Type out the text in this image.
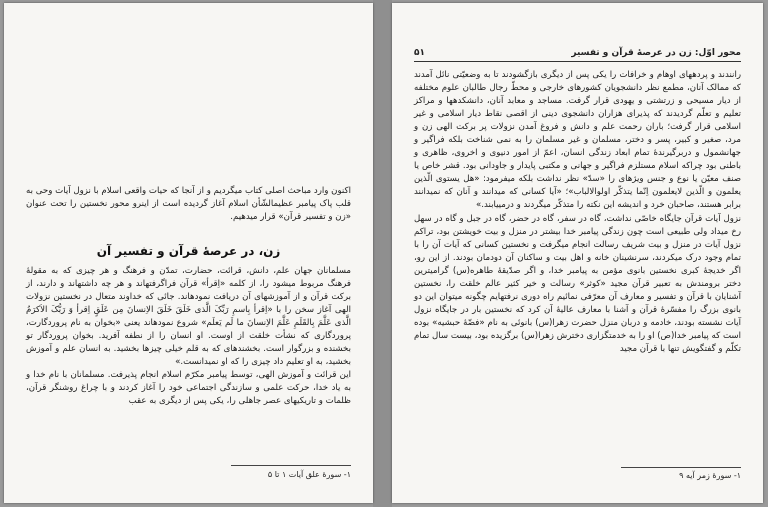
اکنون وارد مباحث اصلی کتاب میگردیم و از آنجا که حیات واقعی اسلام با نزول آیات وحی به قلب پاک پیامبر عظیمالشّأن اسلام آغاز گردیده است از اینرو محور نخستین را تحت عنوان «زن و تفسیر قرآن» قرار میدهیم.

زن، در عرصهٔ قرآن و تفسیر آن

مسلمانان جهان علم، دانش، قرائت، حضارت، تمدّن و فرهنگ و هر چیزی که به مقولهٔ فرهنگ مربوط میشود را، از کلمه «اِقرأ» قرآن فراگرفتهاند و هر چه داشتهاند و دارند، از برکت قرآن و از آموزشهای آن دریافت نمودهاند. جائی که خداوند متعال در نخستین نزولات الهی آغاز سخن را با «اِقرأ بِاسمِ رَبِّکَ الَّذی خَلَقَ خَلَقَ الاِنسانَ مِن عَلَقٍ اِقرأ وَ رَبُّکَ الاَکرَمُ الَّذی عَلَّمَ بِالقَلَمِ عَلَّمَ الاِنسانَ ما لَم یَعلَم» شروع نمودهاند یعنی «بخوان به نام پروردگارت، پروردگاری که نشأت خلقت از اوست. او انسان را از نطفه آفرید. بخوان پروردگار تو بخشنده و بزرگوار است. بخشندهای که به قلم خیلی چیزها بخشید. به انسان علم و آموزش بخشید، به او تعلیم داد چیزی را که او نمیدانست.»

این قرائت و آموزش الهی، توسط پیامبر مکرّم اسلام انجام پذیرفت. مسلمانان با نام خدا و به یاد خدا، حرکت علمی و سازندگی اجتماعی خود را آغاز کردند و با چراغ روشنگر قرآن، ظلمات و تاریکیهای عصر جاهلی را، یکی پس از دیگری به عقب

۱- سورهٔ علق آیات ۱ تا ۵
محور اوّل: زن در عرصهٔ قرآن و تفسیر
۵۱

رانندند و پردههای اوهام و خرافات را یکی پس از دیگری بازگشودند تا به وضعیّتی نائل آمدند که ممالک آنان، مطمع نظر دانشجویان کشورهای خارجی و محطّ رجال طالبان علوم مختلفه از دیار مسیحی و زرتشتی و یهودی قرار گرفت. مساجد و معابد آنان، دانشکدهها و مراکز تعلیم و تعلّم گردیدند که پذیرای هزاران دانشجوی دینی از اقصی نقاط دیار اسلامی و غیر اسلامی قرار گرفت؛ باران رحمت علم و دانش و فروغ آمدن نزولات پر برکت الهی زن و مرد، صغیر و کبیر، پسر و دختر، مسلمان و غیر مسلمان را به نمی شناخت بلکه فراگیر و جهانشمول و دربرگیرندهٔ تمام ابعاد زندگی انسان، اعمّ از امور دنیوی و اخروی، ظاهری و باطنی بود چراکه اسلام مستلزم فراگیر و جهانی و مکتبی پایدار و جاودانی بود. قشر خاص یا صنف معیّن یا نوع و جنس ویژهای را «سدّ» نظر نداشت بلکه میفرمود: «هل یستوی الّذین یعلمون و الّذین لایعلمون اِنّما یتذکّر اولوالالباب»؛ «آیا کسانی که میدانند و آنان که نمیدانند برابر هستند، صاحبان خرد و اندیشه این نکته را متذکّر میگردند و درمییابند.»

نزول آیات قرآن جایگاه خاصّی نداشت، گاه در سفر، گاه در حضر، گاه در جبل و گاه در سهل رخ میداد ولی طبیعی است چون زندگی پیامبر خدا بیشتر در منزل و بیت خویشتن بود، تراکم نزول آیات در منزل و بیت شریف رسالت انجام میگرفت و نخستین کسانی که آیات آن را با تمام وجود درک میکردند، سرنشینان خانه و اهل بیت و ساکنان آن دودمان بودند. از این رو، اگر خدیجهٔ کبری نخستین بانوی مؤمن به پیامبر خدا، و اگر صدّیقهٔ طاهره(س) گرامیترین دختر برومندش به تعبیر قرآن مجید «کوثر» رسالت و خیر کثیر عالم خلقت را، نخستین آشنایان با قرآن و تفسیر و معارف آن معرّفی نمائیم راه دوری نرفتهایم چگونه میتوان این دو بانوی بزرگ را مفسّرهٔ قرآن و آشنا با معارف عالیهٔ آن کرد که نخستین بار در جایگاه نزول آیات نشسته بودند، خادمه و دربان منزل حضرت زهرا(س) بانوئی به نام «فضّهٔ حبشیه» بوده است که پیامبر خدا(ص) او را به خدمتگزاری دخترش زهرا(س) برگزیده بود، بیست سال تمام تکلّم و گفتگویش تنها با قرآن مجید

۱- سورهٔ زمر آیه ۹
